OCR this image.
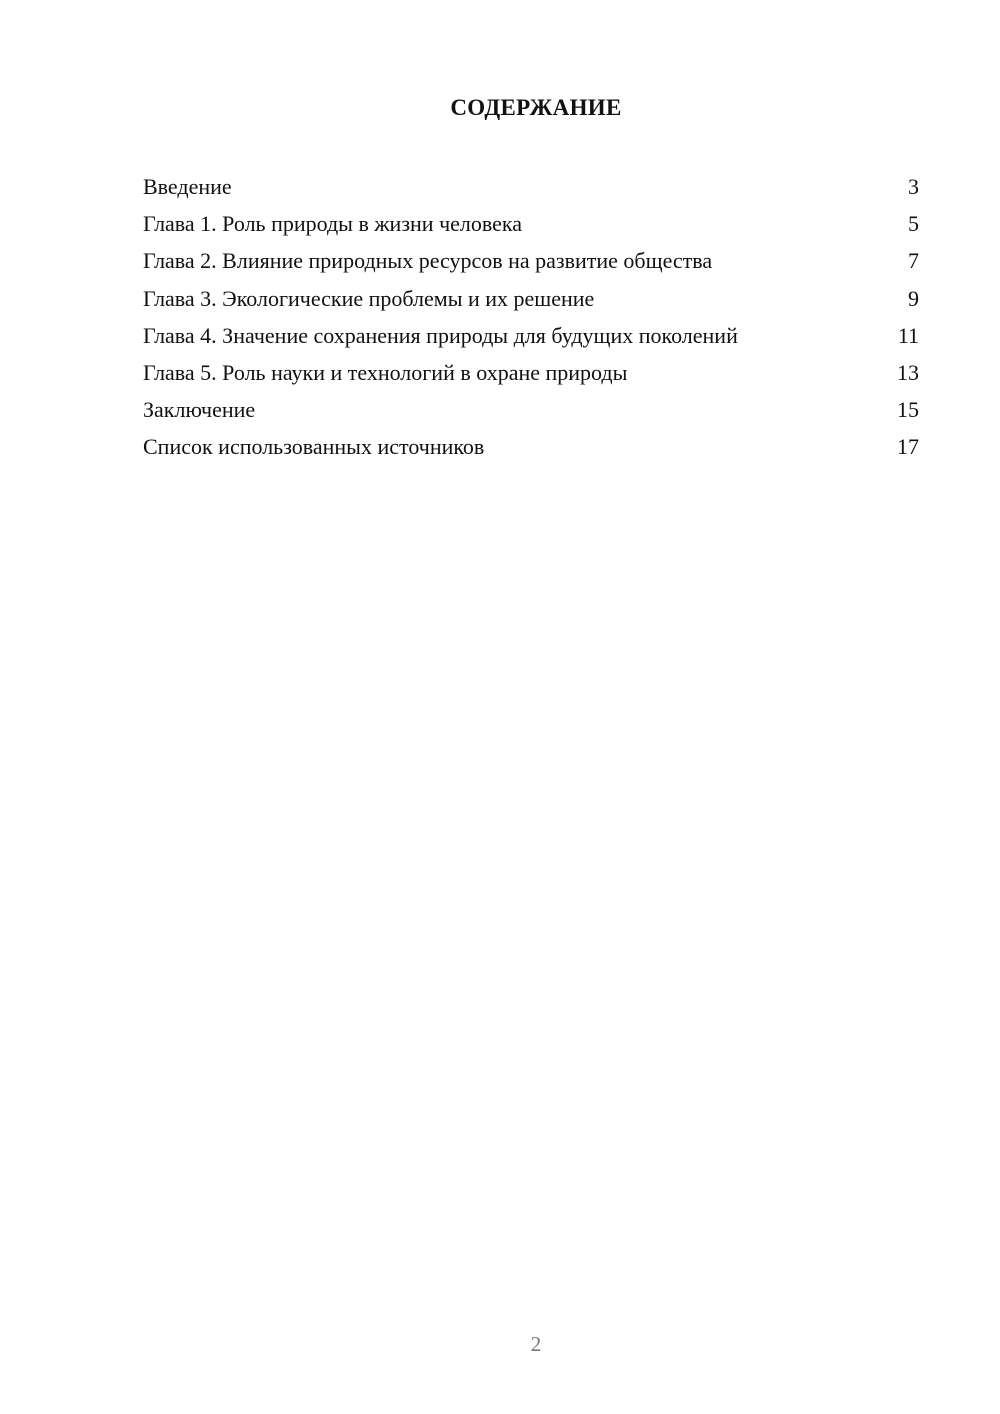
СОДЕРЖАНИЕ
Введение	3
Глава 1. Роль природы в жизни человека	5
Глава 2. Влияние природных ресурсов на развитие общества	7
Глава 3. Экологические проблемы и их решение	9
Глава 4. Значение сохранения природы для будущих поколений	11
Глава 5. Роль науки и технологий в охране природы	13
Заключение	15
Список использованных источников	17
2
